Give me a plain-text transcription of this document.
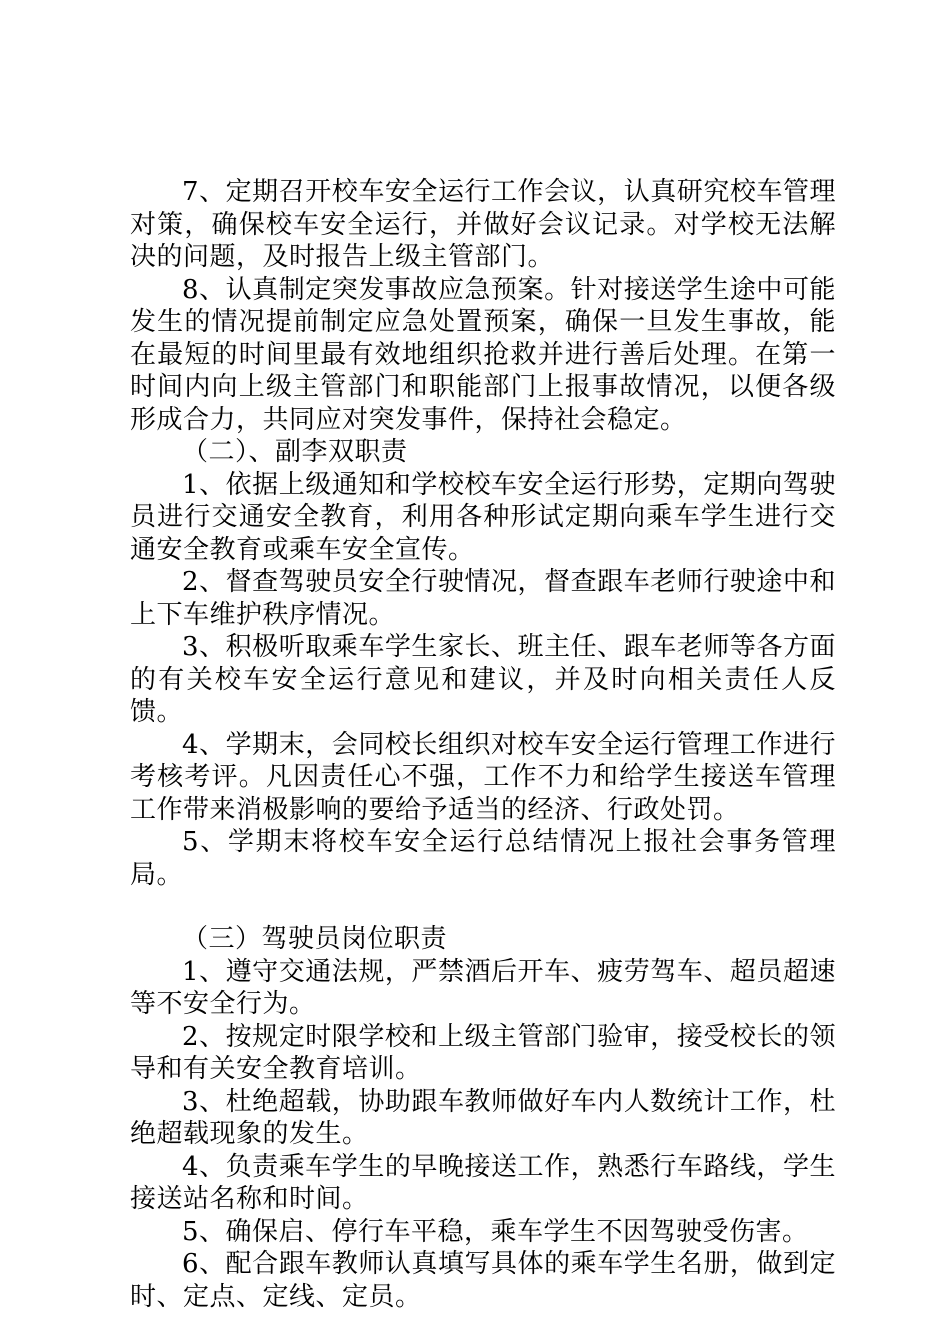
7、定期召开校车安全运行工作会议，认真研究校车管理对策，确保校车安全运行，并做好会议记录。对学校无法解决的问题，及时报告上级主管部门。

8、认真制定突发事故应急预案。针对接送学生途中可能发生的情况提前制定应急处置预案，确保一旦发生事故，能在最短的时间里最有效地组织抢救并进行善后处理。在第一时间内向上级主管部门和职能部门上报事故情况，以便各级形成合力，共同应对突发事件，保持社会稳定。

（二）、副李双职责

1、依据上级通知和学校校车安全运行形势，定期向驾驶员进行交通安全教育，利用各种形试定期向乘车学生进行交通安全教育或乘车安全宣传。

2、督查驾驶员安全行驶情况，督查跟车老师行驶途中和上下车维护秩序情况。

3、积极听取乘车学生家长、班主任、跟车老师等各方面的有关校车安全运行意见和建议，并及时向相关责任人反馈。

4、学期末，会同校长组织对校车安全运行管理工作进行考核考评。凡因责任心不强，工作不力和给学生接送车管理工作带来消极影响的要给予适当的经济、行政处罚。

5、学期末将校车安全运行总结情况上报社会事务管理局。

（三）驾驶员岗位职责

1、遵守交通法规，严禁酒后开车、疲劳驾车、超员超速等不安全行为。

2、按规定时限学校和上级主管部门验审，接受校长的领导和有关安全教育培训。

3、杜绝超载，协助跟车教师做好车内人数统计工作，杜绝超载现象的发生。

4、负责乘车学生的早晚接送工作，熟悉行车路线，学生接送站名称和时间。

5、确保启、停行车平稳，乘车学生不因驾驶受伤害。

6、配合跟车教师认真填写具体的乘车学生名册，做到定时、定点、定线、定员。
